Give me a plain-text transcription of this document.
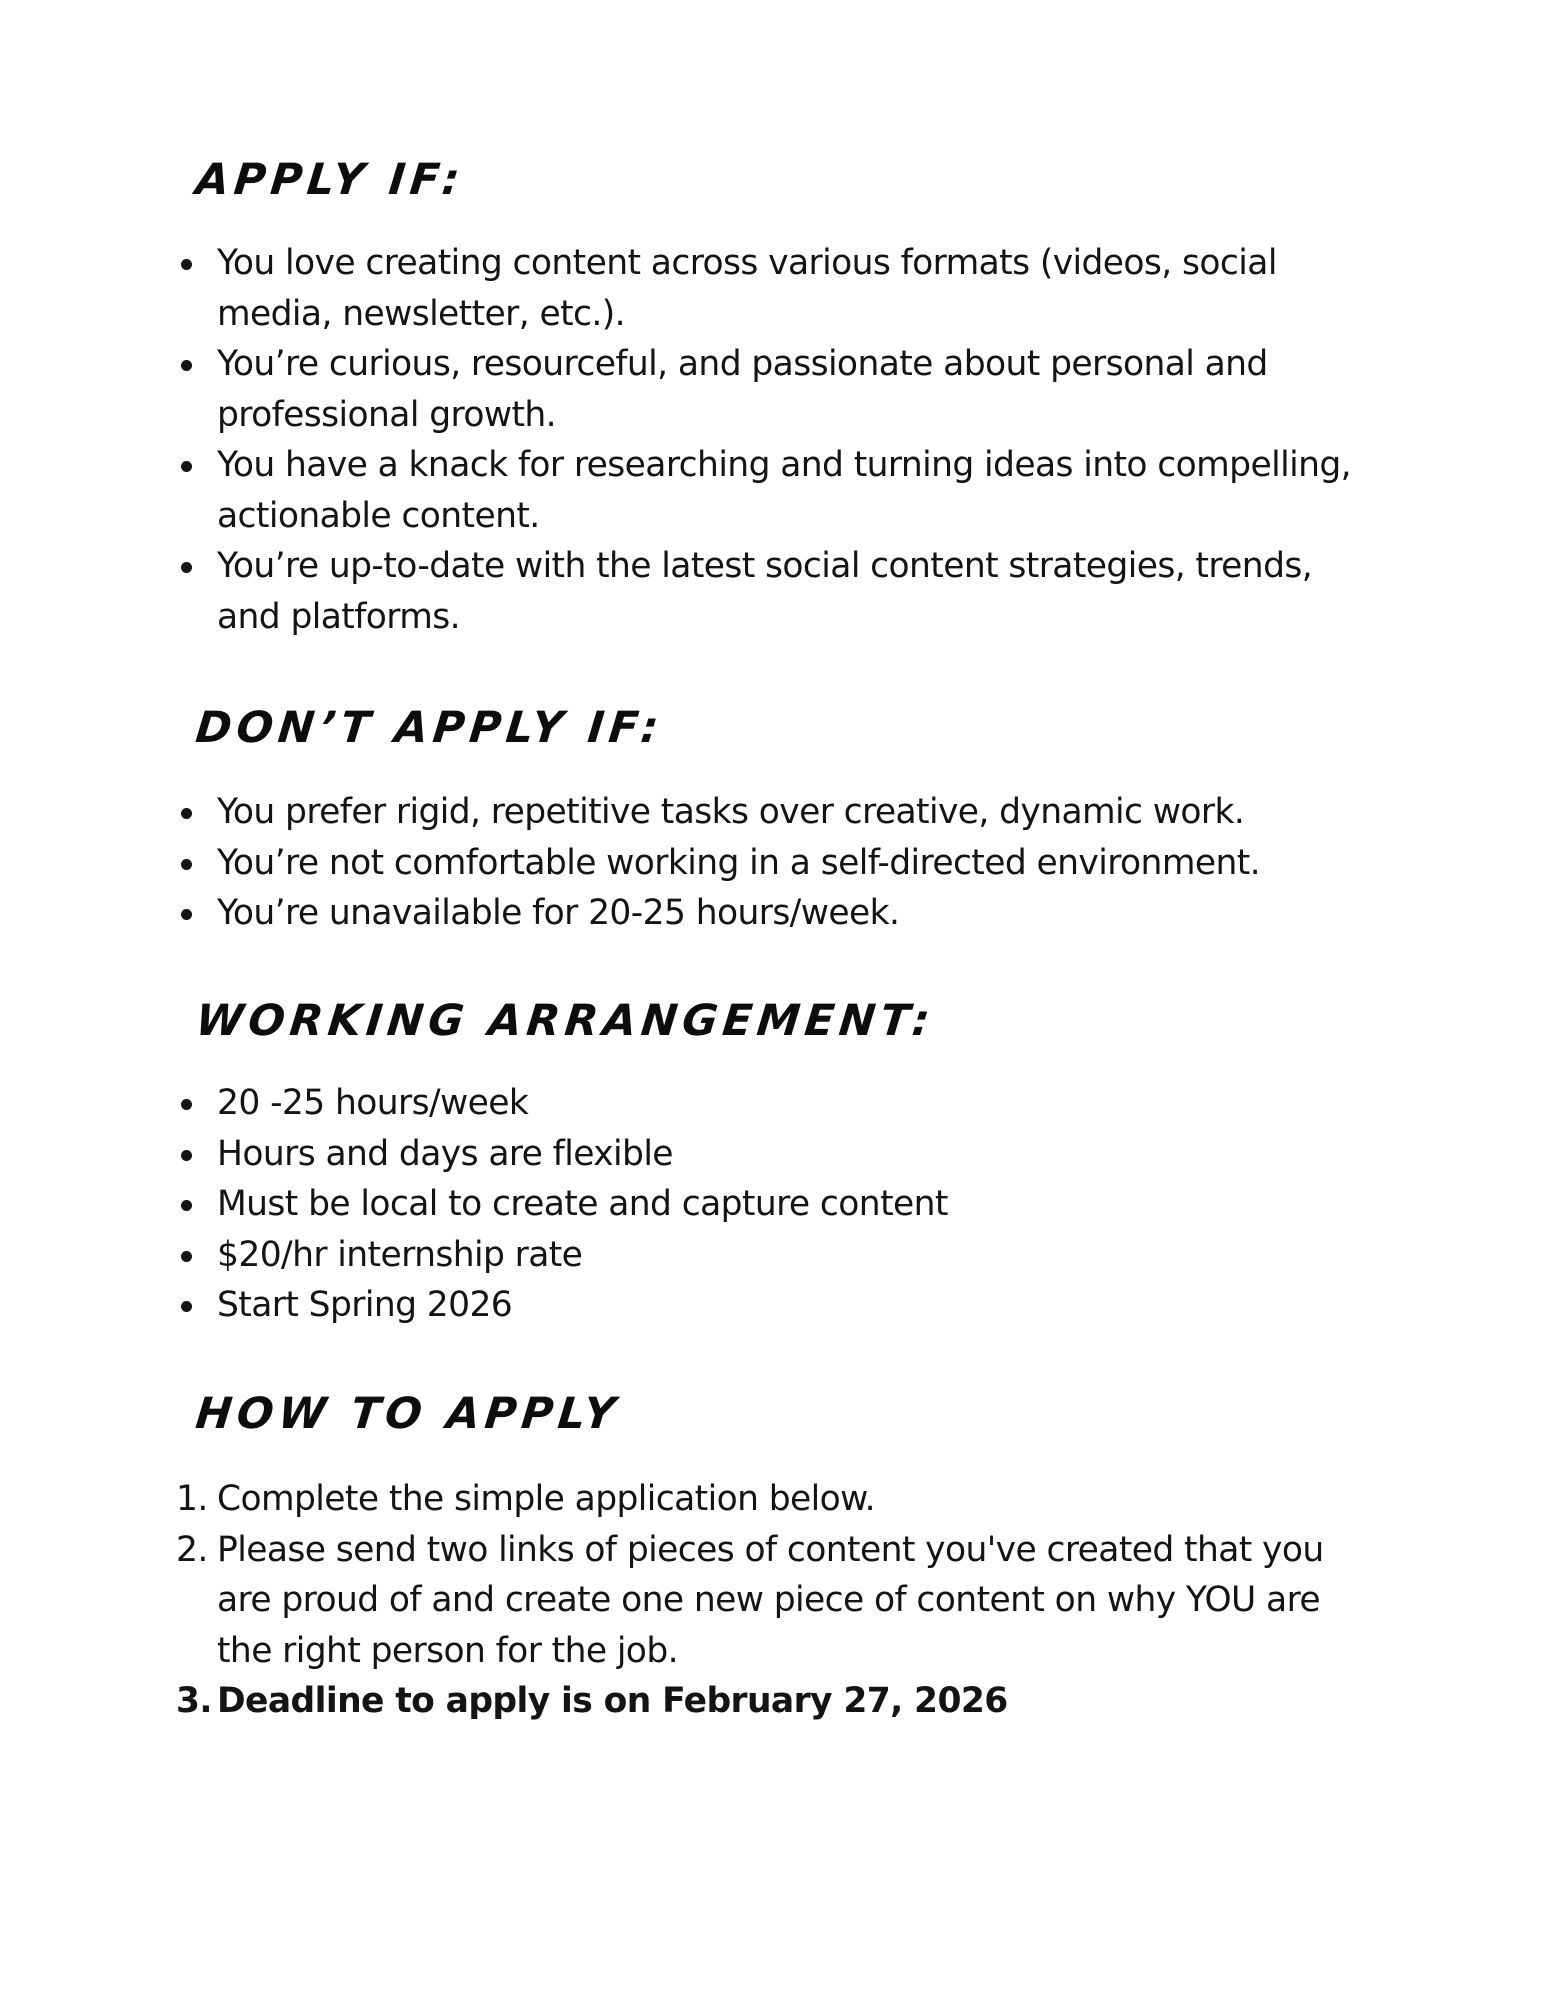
APPLY IF:
You love creating content across various formats (videos, social media, newsletter, etc.).
You’re curious, resourceful, and passionate about personal and professional growth.
You have a knack for researching and turning ideas into compelling, actionable content.
You’re up-to-date with the latest social content strategies, trends, and platforms.
DON’T APPLY IF:
You prefer rigid, repetitive tasks over creative, dynamic work.
You’re not comfortable working in a self-directed environment.
You’re unavailable for 20-25 hours/week.
WORKING ARRANGEMENT:
20 -25 hours/week
Hours and days are flexible
Must be local to create and capture content
$20/hr internship rate
Start Spring 2026
HOW TO APPLY
1. Complete the simple application below.
2. Please send two links of pieces of content you've created that you are proud of and create one new piece of content on why YOU are the right person for the job.
3. Deadline to apply is on February 27, 2026
